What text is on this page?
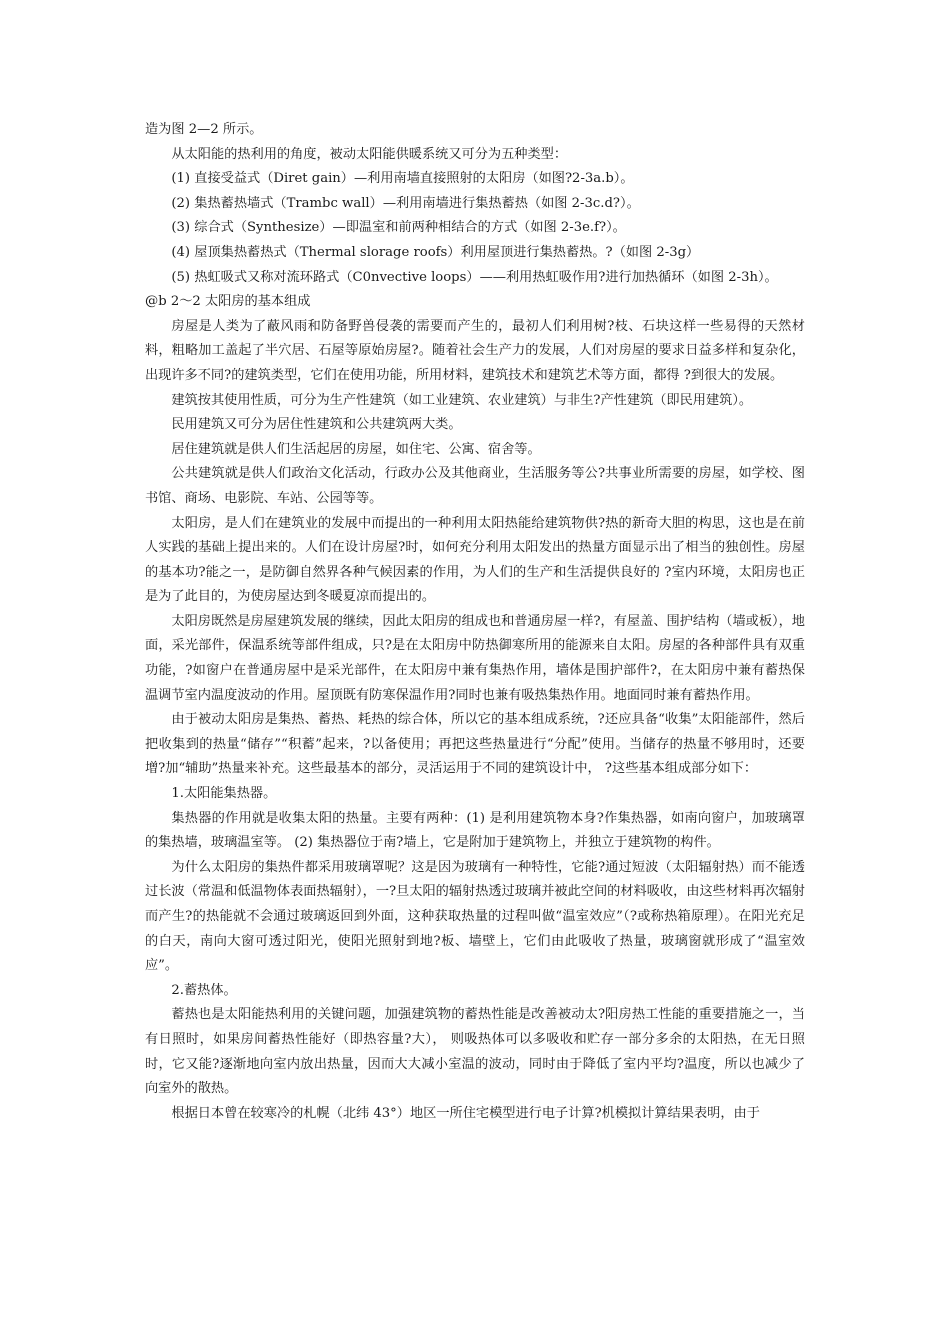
造为图 2—2 所示。

从太阳能的热利用的角度，被动太阳能供暖系统又可分为五种类型：

(1) 直接受益式（Diret gain）—利用南墙直接照射的太阳房（如图?2-3a.b）。

(2) 集热蓄热墙式（Trambc wall）—利用南墙进行集热蓄热（如图 2-3c.d?）。

(3) 综合式（Synthesize）—即温室和前两种相结合的方式（如图 2-3e.f?）。

(4) 屋顶集热蓄热式（Thermal slorage roofs）利用屋顶进行集热蓄热。?（如图 2-3g）

(5) 热虹吸式又称对流环路式（C0nvective loops）——利用热虹吸作用?进行加热循环（如图 2-3h）。

@b 2～2 太阳房的基本组成

房屋是人类为了蔽风雨和防备野兽侵袭的需要而产生的，最初人们利用树?枝、石块这样一些易得的天然材料，粗略加工盖起了半穴居、石屋等原始房屋?。随着社会生产力的发展，人们对房屋的要求日益多样和复杂化，出现许多不同?的建筑类型，它们在使用功能，所用材料，建筑技术和建筑艺术等方面，都得 ?到很大的发展。

建筑按其使用性质，可分为生产性建筑（如工业建筑、农业建筑）与非生?产性建筑（即民用建筑）。

民用建筑又可分为居住性建筑和公共建筑两大类。

居住建筑就是供人们生活起居的房屋，如住宅、公寓、宿舍等。

公共建筑就是供人们政治文化活动，行政办公及其他商业，生活服务等公?共事业所需要的房屋，如学校、图书馆、商场、电影院、车站、公园等等。

太阳房，是人们在建筑业的发展中而提出的一种利用太阳热能给建筑物供?热的新奇大胆的构思，这也是在前人实践的基础上提出来的。人们在设计房屋?时，如何充分利用太阳发出的热量方面显示出了相当的独创性。房屋的基本功?能之一，是防御自然界各种气候因素的作用，为人们的生产和生活提供良好的 ?室内环境，太阳房也正是为了此目的，为使房屋达到冬暖夏凉而提出的。

太阳房既然是房屋建筑发展的继续，因此太阳房的组成也和普通房屋一样?，有屋盖、围护结构（墙或板），地面，采光部件，保温系统等部件组成，只?是在太阳房中防热御寒所用的能源来自太阳。房屋的各种部件具有双重功能，?如窗户在普通房屋中是采光部件，在太阳房中兼有集热作用，墙体是围护部件?，在太阳房中兼有蓄热保温调节室内温度波动的作用。屋顶既有防寒保温作用?同时也兼有吸热集热作用。地面同时兼有蓄热作用。

由于被动太阳房是集热、蓄热、耗热的综合体，所以它的基本组成系统，?还应具备“收集”太阳能部件，然后把收集到的热量“储存”“积蓄”起来，?以备使用；再把这些热量进行“分配”使用。当储存的热量不够用时，还要增?加“辅助”热量来补充。这些最基本的部分，灵活运用于不同的建筑设计中， ?这些基本组成部分如下：

1.太阳能集热器。

集热器的作用就是收集太阳的热量。主要有两种：(1) 是利用建筑物本身?作集热器，如南向窗户，加玻璃罩的集热墙，玻璃温室等。 (2) 集热器位于南?墙上，它是附加于建筑物上，并独立于建筑物的构件。

为什么太阳房的集热件都采用玻璃罩呢？这是因为玻璃有一种特性，它能?通过短波（太阳辐射热）而不能透过长波（常温和低温物体表面热辐射），一?旦太阳的辐射热透过玻璃并被此空间的材料吸收，由这些材料再次辐射而产生?的热能就不会通过玻璃返回到外面，这种获取热量的过程叫做“温室效应”（?或称热箱原理）。在阳光充足的白天，南向大窗可透过阳光，使阳光照射到地?板、墙壁上，它们由此吸收了热量，玻璃窗就形成了“温室效应”。

2.蓄热体。

蓄热也是太阳能热利用的关键问题，加强建筑物的蓄热性能是改善被动太?阳房热工性能的重要措施之一，当有日照时，如果房间蓄热性能好（即热容量?大）， 则吸热体可以多吸收和贮存一部分多余的太阳热，在无日照时，它又能?逐渐地向室内放出热量，因而大大减小室温的波动，同时由于降低了室内平均?温度，所以也减少了向室外的散热。

根据日本曾在较寒冷的札幌（北纬 43°）地区一所住宅模型进行电子计算?机模拟计算结果表明，由于
